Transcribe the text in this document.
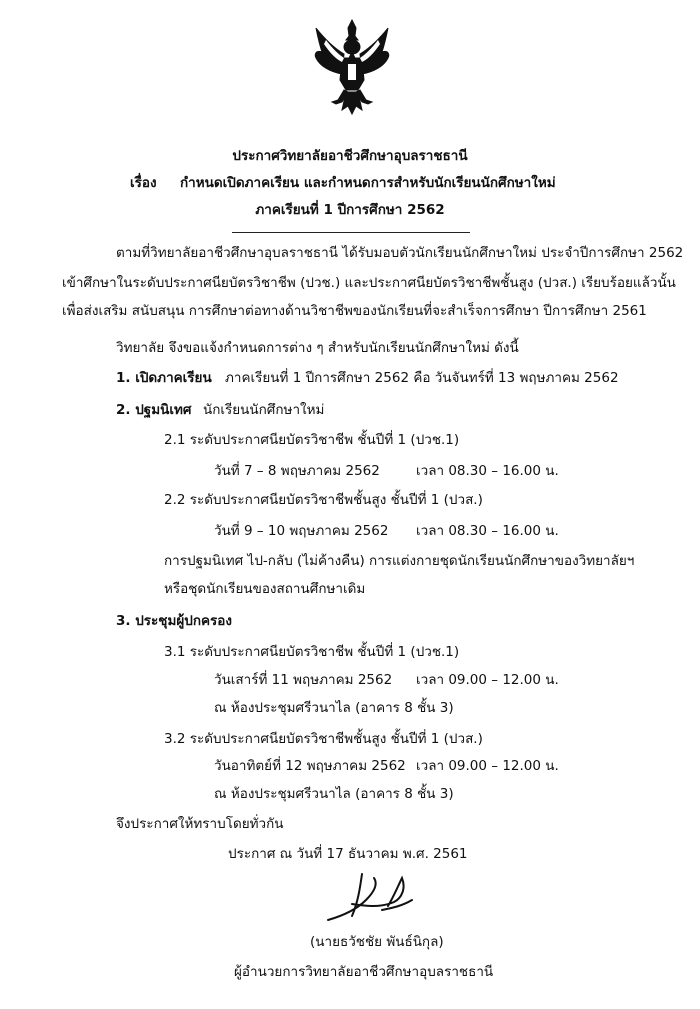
ประกาศวิทยาลัยอาชีวศึกษาอุบลราชธานี
เรื่อง กำหนดเปิดภาคเรียน และกำหนดการสำหรับนักเรียนนักศึกษาใหม่
ภาคเรียนที่ 1 ปีการศึกษา 2562
ตามที่วิทยาลัยอาชีวศึกษาอุบลราชธานี ได้รับมอบตัวนักเรียนนักศึกษาใหม่ ประจำปีการศึกษา 2562
เข้าศึกษาในระดับประกาศนียบัตรวิชาชีพ (ปวช.) และประกาศนียบัตรวิชาชีพชั้นสูง (ปวส.) เรียบร้อยแล้วนั้น
เพื่อส่งเสริม สนับสนุน การศึกษาต่อทางด้านวิชาชีพของนักเรียนที่จะสำเร็จการศึกษา ปีการศึกษา 2561
วิทยาลัย จึงขอแจ้งกำหนดการต่าง ๆ สำหรับนักเรียนนักศึกษาใหม่ ดังนี้
1. เปิดภาคเรียน ภาคเรียนที่ 1 ปีการศึกษา 2562 คือ วันจันทร์ที่ 13 พฤษภาคม 2562
2. ปฐมนิเทศ นักเรียนนักศึกษาใหม่
2.1 ระดับประกาศนียบัตรวิชาชีพ ชั้นปีที่ 1 (ปวช.1)
วันที่ 7 – 8 พฤษภาคม 2562	เวลา 08.30 – 16.00 น.
2.2 ระดับประกาศนียบัตรวิชาชีพชั้นสูง ชั้นปีที่ 1 (ปวส.)
วันที่ 9 – 10 พฤษภาคม 2562 เวลา 08.30 – 16.00 น.
การปฐมนิเทศ ไป-กลับ (ไม่ค้างคืน) การแต่งกายชุดนักเรียนนักศึกษาของวิทยาลัยฯ
หรือชุดนักเรียนของสถานศึกษาเดิม
3. ประชุมผู้ปกครอง
3.1 ระดับประกาศนียบัตรวิชาชีพ ชั้นปีที่ 1 (ปวช.1)
วันเสาร์ที่ 11 พฤษภาคม 2562 เวลา 09.00 – 12.00 น.
ณ ห้องประชุมศรีวนาไล (อาคาร 8 ชั้น 3)
3.2 ระดับประกาศนียบัตรวิชาชีพชั้นสูง ชั้นปีที่ 1 (ปวส.)
วันอาทิตย์ที่ 12 พฤษภาคม 2562 เวลา 09.00 – 12.00 น.
ณ ห้องประชุมศรีวนาไล (อาคาร 8 ชั้น 3)
จึงประกาศให้ทราบโดยทั่วกัน
ประกาศ ณ วันที่ 17 ธันวาคม พ.ศ. 2561
(นายธวัชชัย พันธ์นิกุล)
ผู้อำนวยการวิทยาลัยอาชีวศึกษาอุบลราชธานี
